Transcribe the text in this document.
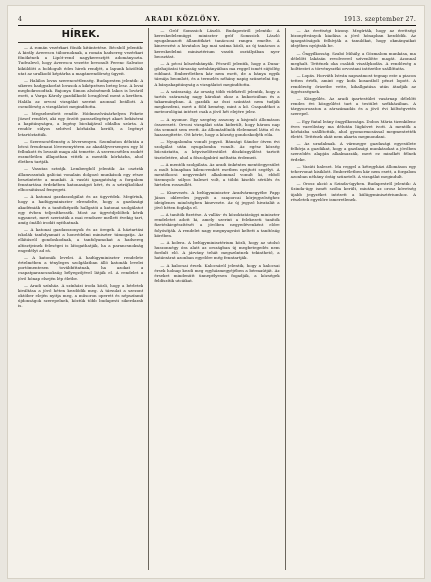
4	ARADI KÖZLÖNY.	1913. szeptember 27.
HÍREK.

— A román vezérkari főnök kitüntetése. Bécsből jelentik: A király Averescu tábornoknak, a román hadsereg vezérkari főnökének a Lipót-rend nagykeresztjét adományozta. Tudvalevő, hogy Averescu vezette bevonult Ferenc Salvator kiküldött a boldogult édes hirek rendjét, a lapunk közöltük utat az uralkodó képtárba a magánrendőrség ügyeit.

— Halálos lovas szerencsétlenség. Budapesten jelentik: A sikeres hadgyakorlat lovasok a kiképzésen beteg lesz. A lovai megbokrosodtak. Bajonya Simon alsónémedi lakos is lováról esett, a Varga Károly gazdálkodó lovaglóval ment a kertben. Halála az orvosi vizsgálat szerint azonnal beállott. A csendőrség a vizsgálatot megindította.

— Megsebesített rendőr. Hódmezővásárhelyen Fekete József rendőrt, aki egy őrzött parasztlegényt akart bekísérni a kapitányságra, a legény bicskájával oldalba szúrta. A rendőr súlyos sebével kórházba került, a legényt letartóztatták.

— Szerencsétlenség a lóversenyen. Szombaton délután a bécsi freudenaui lóversenytéren az akadályversenyen egy ló felbukott és lovasát maga alá temette. A szerencsétlen zsokét eszméletlen állapotban vitték a mentők kórházba, ahol életben tartják.

— Vasutas sztrájk. Lembergből jelentik: Az osztrák államvasutak galíciai vonalain dolgozó munkások egy része beszüntette a munkát. A vasúti igazgatóság a forgalom fenntartása érdekében katonaságot kért, és a sztrájkolókat elbocsátással fenyegeti.

— A katonai gazdaszolgálat és az ügyvédek. Megírtuk, hogy a hadügyminiszter elrendelte, hogy a gazdasági akadémiák és a tanítóképzők hallgatói a katonai szolgálatot egy évben teljesíthessék. Most az ügyvédjelöltek kérik ugyanezt, mert szerintük a mai rendszer mellett évekig tart, amíg önálló irodát nyithatnak.

— A katonai gazdasszonyok és az öregek. A háztartási iskolák tanfolyamait a honvédelmi miniszter támogatja. Az ellátásról gondoskodnak, a tanfolyamokat a hadsereg altisztjeinek feleségei is látogathatják, ha a parancsnokság engedélyt ad rá.

— A katonák levelei. A hadügyminiszter rendelete értelmében a tényleges szolgálatban álló katonák levelei portómentesen továbbíttatnak, ha azokat a csapatparancsnokság bélyegzőjével látják el. A rendelet a jövő hónap elsején lép életbe.

— Aradi színház. A színházi iroda közli, hogy a bérletek kiváltása a jövő héten kezdődik meg. A társulat a szezont október elején nyitja meg, a műsoron operett és népszínmű újdonságok szerepelnek, köztük több budapesti sikerdarab is.

— Gróf Somssich László. Budapestről jelentik: A kereskedelemügyi miniszter gróf Somssich László nyugalmazott államtitkárt tanácsosi rangra emelte. A kinevezést a hivatalos lap mai száma közli, az új tanácsos a kereskedelmi minisztérium vasúti osztályában nyer beosztást.

— A pécsi kőszénbányák. Pécsről jelentik, hogy a Duna-gőzhajózási társaság szénbányáiban ma reggel ismét sújtólég robbant. Emberéletben kár nem esett, de a bánya egyik tárnája beomlott, és a termelés néhány napig szünetelni fog. A bányakapitányság a vizsgálatot megindította.

— A szárazság. Az ország több vidékéről jelentik, hogy a tartós szárazság nagy károkat okoz a kukoricában és a takarmányban. A gazdák az őszi szántást nem tudják megkezdeni, mert a föld kemény, mint a kő. Csapadékot a meteorológiai intézet csak a jövő hét elejére jelez.

— A nyomor. Egy szegény asszony a kisjenői állomáson összeesett. Orvosi vizsgálat után kiderült, hogy három nap óta semmit sem evett. Az állomásfőnök élelemmel látta el és hazasegítette. Ott kérte, hogy a község gondoskodjék róla.

— Nyugalomba vonult jegyző. Bánsági Sándor ötven évi szolgálat után nyugalomba vonult. Az egész község búcsúztatta, a képviselőtestület díszközgyűlést tartott tiszteletére, ahol a főszolgabíró méltatta érdemeit.

— A mentők szolgálata. Az aradi önkéntes mentőegyesület a mult hónapban kilencvenhét esetben nyújtott segélyt. A mentőkocsi negyvenkét alkalommal vonult ki, ebből tizennyolc súlyos baleset volt, a többi kisebb sérülés és hirtelen rosszullét.

— Kinevezés. A belügyminiszter Aradvármegyébe Papp János okleveles jegyzőt a szaporcai körjegyzőséghez ideiglenes minőségben kinevezte. Az új jegyző hivatalát a jövő héten foglalja el.

— A tanítók fizetése. A vallás- és közoktatásügyi miniszter rendeletet adott ki, amely szerint a felekezeti tanítók fizetéskiegészítését a jövőben negyedévenként előre folyósítják. A rendelet nagy megnyugvást keltett a tanítóság körében.

— A kolera. A belügyminisztérium közli, hogy az utolsó huszonnégy óra alatt az országban új megbetegedés nem fordult elő. A járvány tehát megszűntnek tekinthető, a határzárat azonban egyelőre még fenntartják.

— A kalocsai érsek. Kalocsáról jelentik, hogy a kalocsai érsek holnap kezdi meg egyházmegyéjében a bérmaútját. Az érseket mindenütt ünnepélyesen fogadják, a községek feldíszítik utcáikat.

— Az érettségi bizony. Megírták, hogy az érettségi bizonyítványok kiadása a jövő hónapban kezdődik. Az igazgatóságok felhívják a tanulókat, hogy okmányaikat idejében nyújtsák be.

— Öngyilkosság. Szabó Mihály, a Gözmalom munkása, ma délelőtt lakásán revolverrel szívenlőtte magát. Azonnal meghalt. Tettének oka családi viszálykodás. A rendőrség a holttestet a törvényszéki orvostani intézetbe szállíttatta.

— Lopás. Horváth István napszámost tegnap este a piacon tetten érték, amint egy kofa kosarából pénzt lopott. A rendőrség őrizetbe vette, kihallgatása után átadják az ügyészségnek.

— Közgyűlés. Az aradi ipartestület vasárnap délelőtt rendes évi közgyűlést tart a testület székházában. A tárgysorozaton a zárszámadás és a jövő évi költségvetés szerepel.

— Egy fiatal leány öngyilkossága. Dobos Mária tizenkilenc éves varróleány ma délután lúgkövet ivott. A mentők a kórházba szállították, ahol gyomormosással megmentették életét. Tettének okát nem akarta megmondani.

— Az uradalmak. A vármegye gazdasági egyesülete felhívja a gazdákat, hogy a gazdasági munkásokat a jövőben szerződés alapján alkalmazzák, mert ez mindkét félnek érdeke.

— Vasúti baleset. Ma reggel a kétegyházi állomáson egy tehervonat kisiklott. Emberéletben kár nem esett, a forgalom azonban néhány óráig szünetelt. A vizsgálat megindult.

— Orosz akció a Szinda-ügyben. Budapestről jelentik: A Szinda-ügy ismét szóba került, miután az orosz követség újabb jegyzéket intézett a külügyminisztériumhoz. A részletek egyelőre ismeretlenek.
